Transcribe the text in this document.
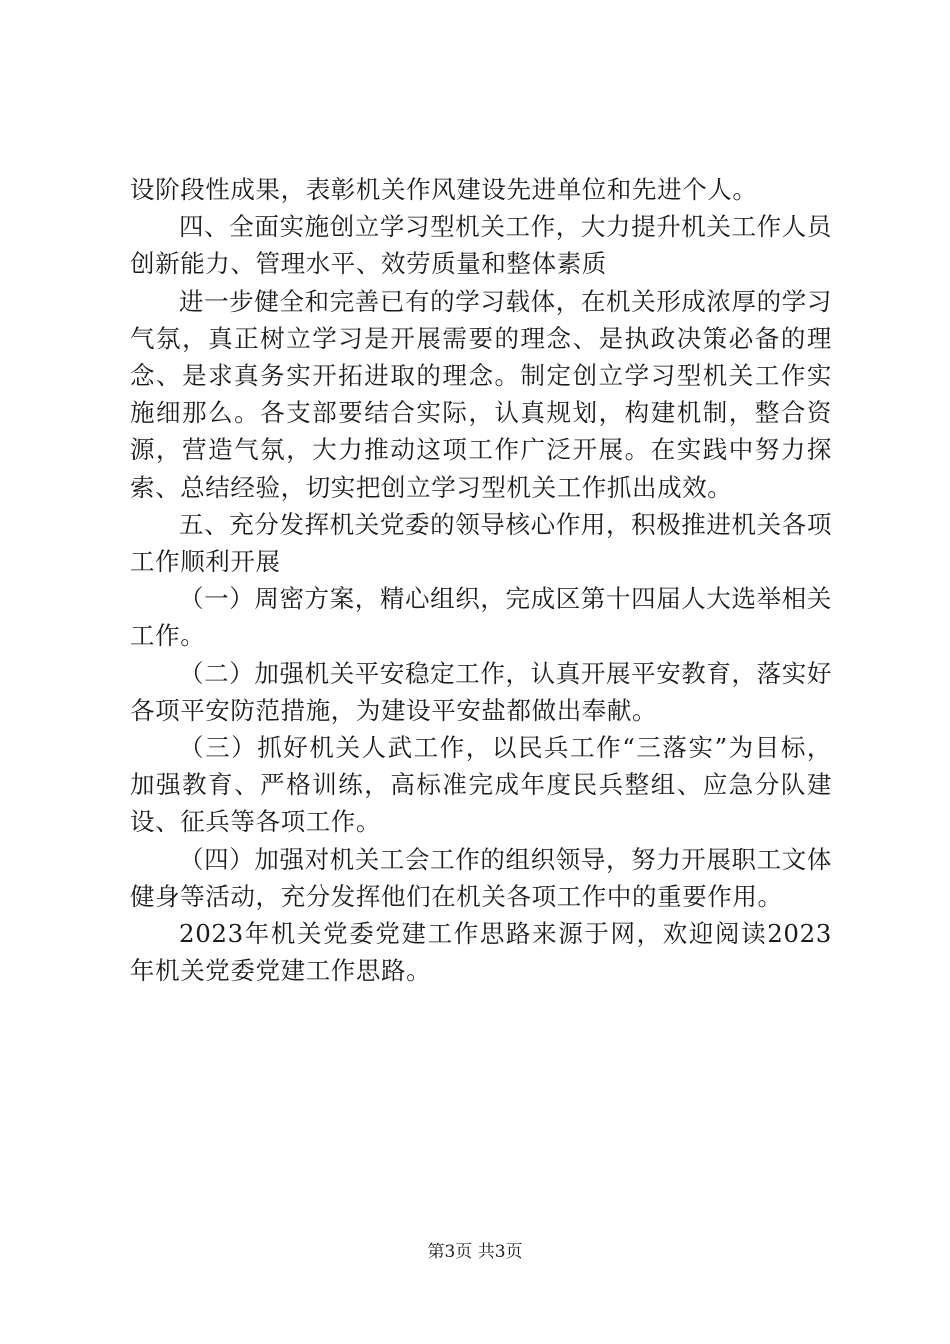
设阶段性成果，表彰机关作风建设先进单位和先进个人。

四、全面实施创立学习型机关工作，大力提升机关工作人员创新能力、管理水平、效劳质量和整体素质

进一步健全和完善已有的学习载体，在机关形成浓厚的学习气氛，真正树立学习是开展需要的理念、是执政决策必备的理念、是求真务实开拓进取的理念。制定创立学习型机关工作实施细那么。各支部要结合实际，认真规划，构建机制，整合资源，营造气氛，大力推动这项工作广泛开展。在实践中努力探索、总结经验，切实把创立学习型机关工作抓出成效。

五、充分发挥机关党委的领导核心作用，积极推进机关各项工作顺利开展

（一）周密方案，精心组织，完成区第十四届人大选举相关工作。

（二）加强机关平安稳定工作，认真开展平安教育，落实好各项平安防范措施，为建设平安盐都做出奉献。

（三）抓好机关人武工作，以民兵工作“三落实”为目标，加强教育、严格训练，高标准完成年度民兵整组、应急分队建设、征兵等各项工作。

（四）加强对机关工会工作的组织领导，努力开展职工文体健身等活动，充分发挥他们在机关各项工作中的重要作用。

2023年机关党委党建工作思路来源于网，欢迎阅读2023年机关党委党建工作思路。

第3页 共3页
